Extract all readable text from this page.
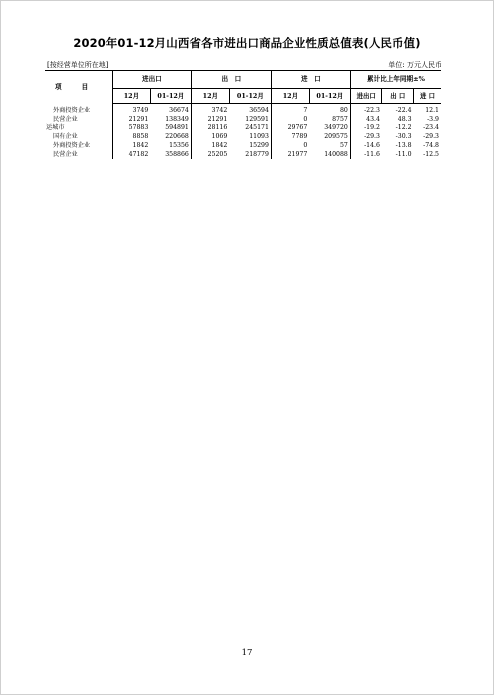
2020年01-12月山西省各市进出口商品企业性质总值表(人民币值)
[按经营单位所在地]	单位: 万元人民币
项 目	进出口		出　口		进　口		累计比上年同期±%		
	12月	01-12月	12月	01-12月	12月	01-12月	进出口	出 口	进 口
外商投资企业	3749	36674	3742	36594	7	80	-22.3	-22.4	12.1
民营企业	21291	138349	21291	129591	0	8757	43.4	48.3	-3.9
运城市	57883	594891	28116	245171	29767	349720	-19.2	-12.2	-23.4
国有企业	8858	220668	1069	11093	7789	209575	-29.3	-30.3	-29.3
外商投资企业	1842	15356	1842	15299	0	57	-14.6	-13.8	-74.8
民营企业	47182	358866	25205	218779	21977	140088	-11.6	-11.0	-12.5
17
